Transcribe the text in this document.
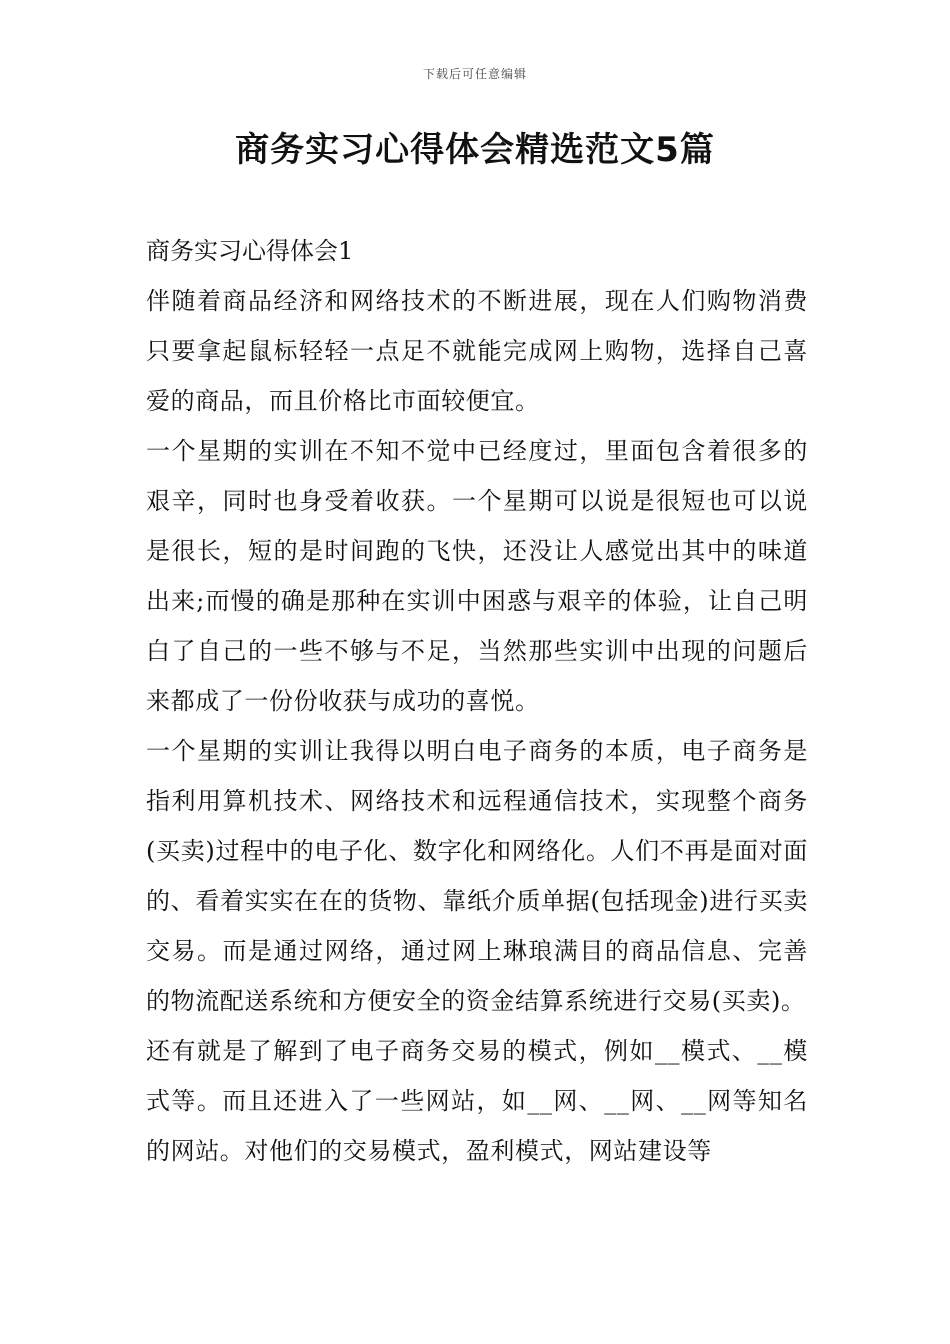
下载后可任意编辑
商务实习心得体会精选范文5篇

商务实习心得体会1

伴随着商品经济和网络技术的不断进展，现在人们购物消费只要拿起鼠标轻轻一点足不就能完成网上购物，选择自己喜爱的商品，而且价格比市面较便宜。

一个星期的实训在不知不觉中已经度过，里面包含着很多的艰辛，同时也身受着收获。一个星期可以说是很短也可以说是很长，短的是时间跑的飞快，还没让人感觉出其中的味道出来;而慢的确是那种在实训中困惑与艰辛的体验，让自己明白了自己的一些不够与不足，当然那些实训中出现的问题后来都成了一份份收获与成功的喜悦。

一个星期的实训让我得以明白电子商务的本质，电子商务是指利用算机技术、网络技术和远程通信技术，实现整个商务(买卖)过程中的电子化、数字化和网络化。人们不再是面对面的、看着实实在在的货物、靠纸介质单据(包括现金)进行买卖交易。而是通过网络，通过网上琳琅满目的商品信息、完善的物流配送系统和方便安全的资金结算系统进行交易(买卖)。

还有就是了解到了电子商务交易的模式，例如__模式、__模式等。而且还进入了一些网站，如__网、__网、__网等知名的网站。对他们的交易模式，盈利模式，网站建设等
